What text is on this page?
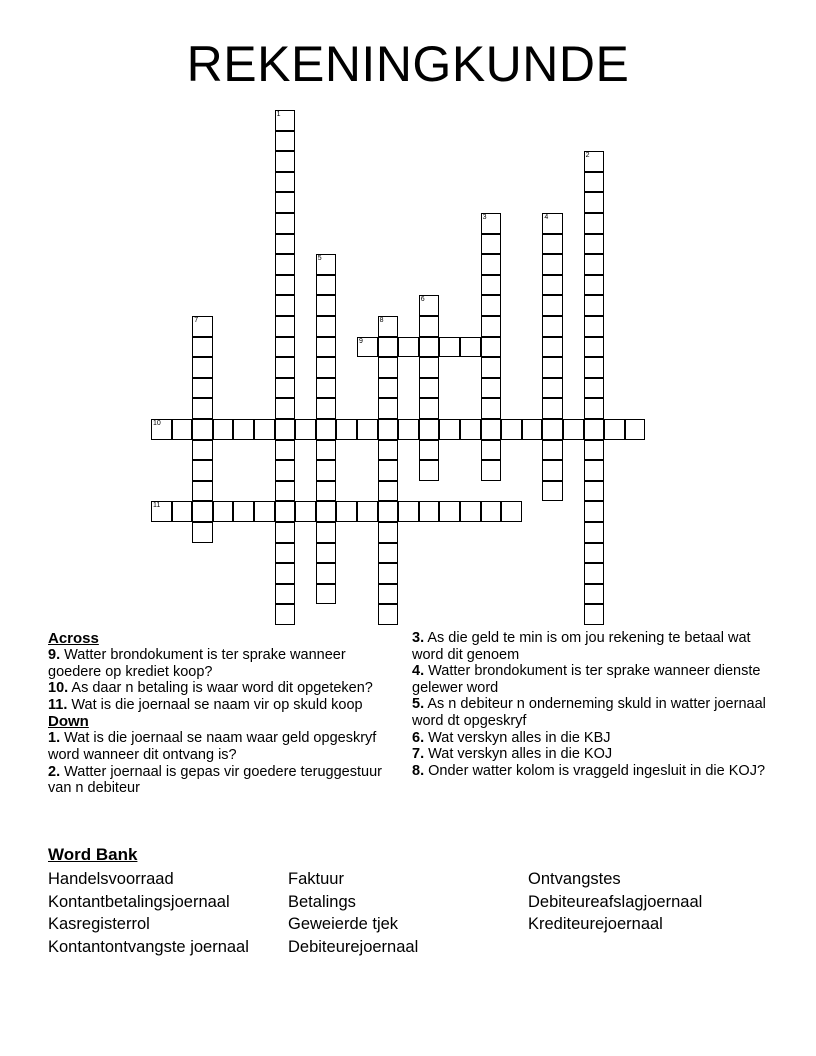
REKENINGKUNDE
1
2
3	4
5
6
7	8
9
10
11
Across
9. Watter brondokument is ter sprake wanneer goedere op krediet koop?
10. As daar n betaling is waar word dit opgeteken?
11. Wat is die joernaal se naam vir op skuld koop
Down
1. Wat is die joernaal se naam waar geld opgeskryf word wanneer dit ontvang is?
2. Watter joernaal is gepas vir goedere teruggestuur van n debiteur
3. As die geld te min is om jou rekening te betaal wat word dit genoem
4. Watter brondokument is ter sprake wanneer dienste gelewer word
5. As n debiteur n onderneming skuld in watter joernaal word dt opgeskryf
6. Wat verskyn alles in die KBJ
7. Wat verskyn alles in die KOJ
8. Onder watter kolom is vraggeld ingesluit in die KOJ?
Word Bank
Handelsvoorraad
Kontantbetalingsjoernaal
Kasregisterrol
Kontantontvangste joernaal
Faktuur
Betalings
Geweierde tjek
Debiteurejoernaal
Ontvangstes
Debiteureafslagjoernaal
Krediteurejoernaal
